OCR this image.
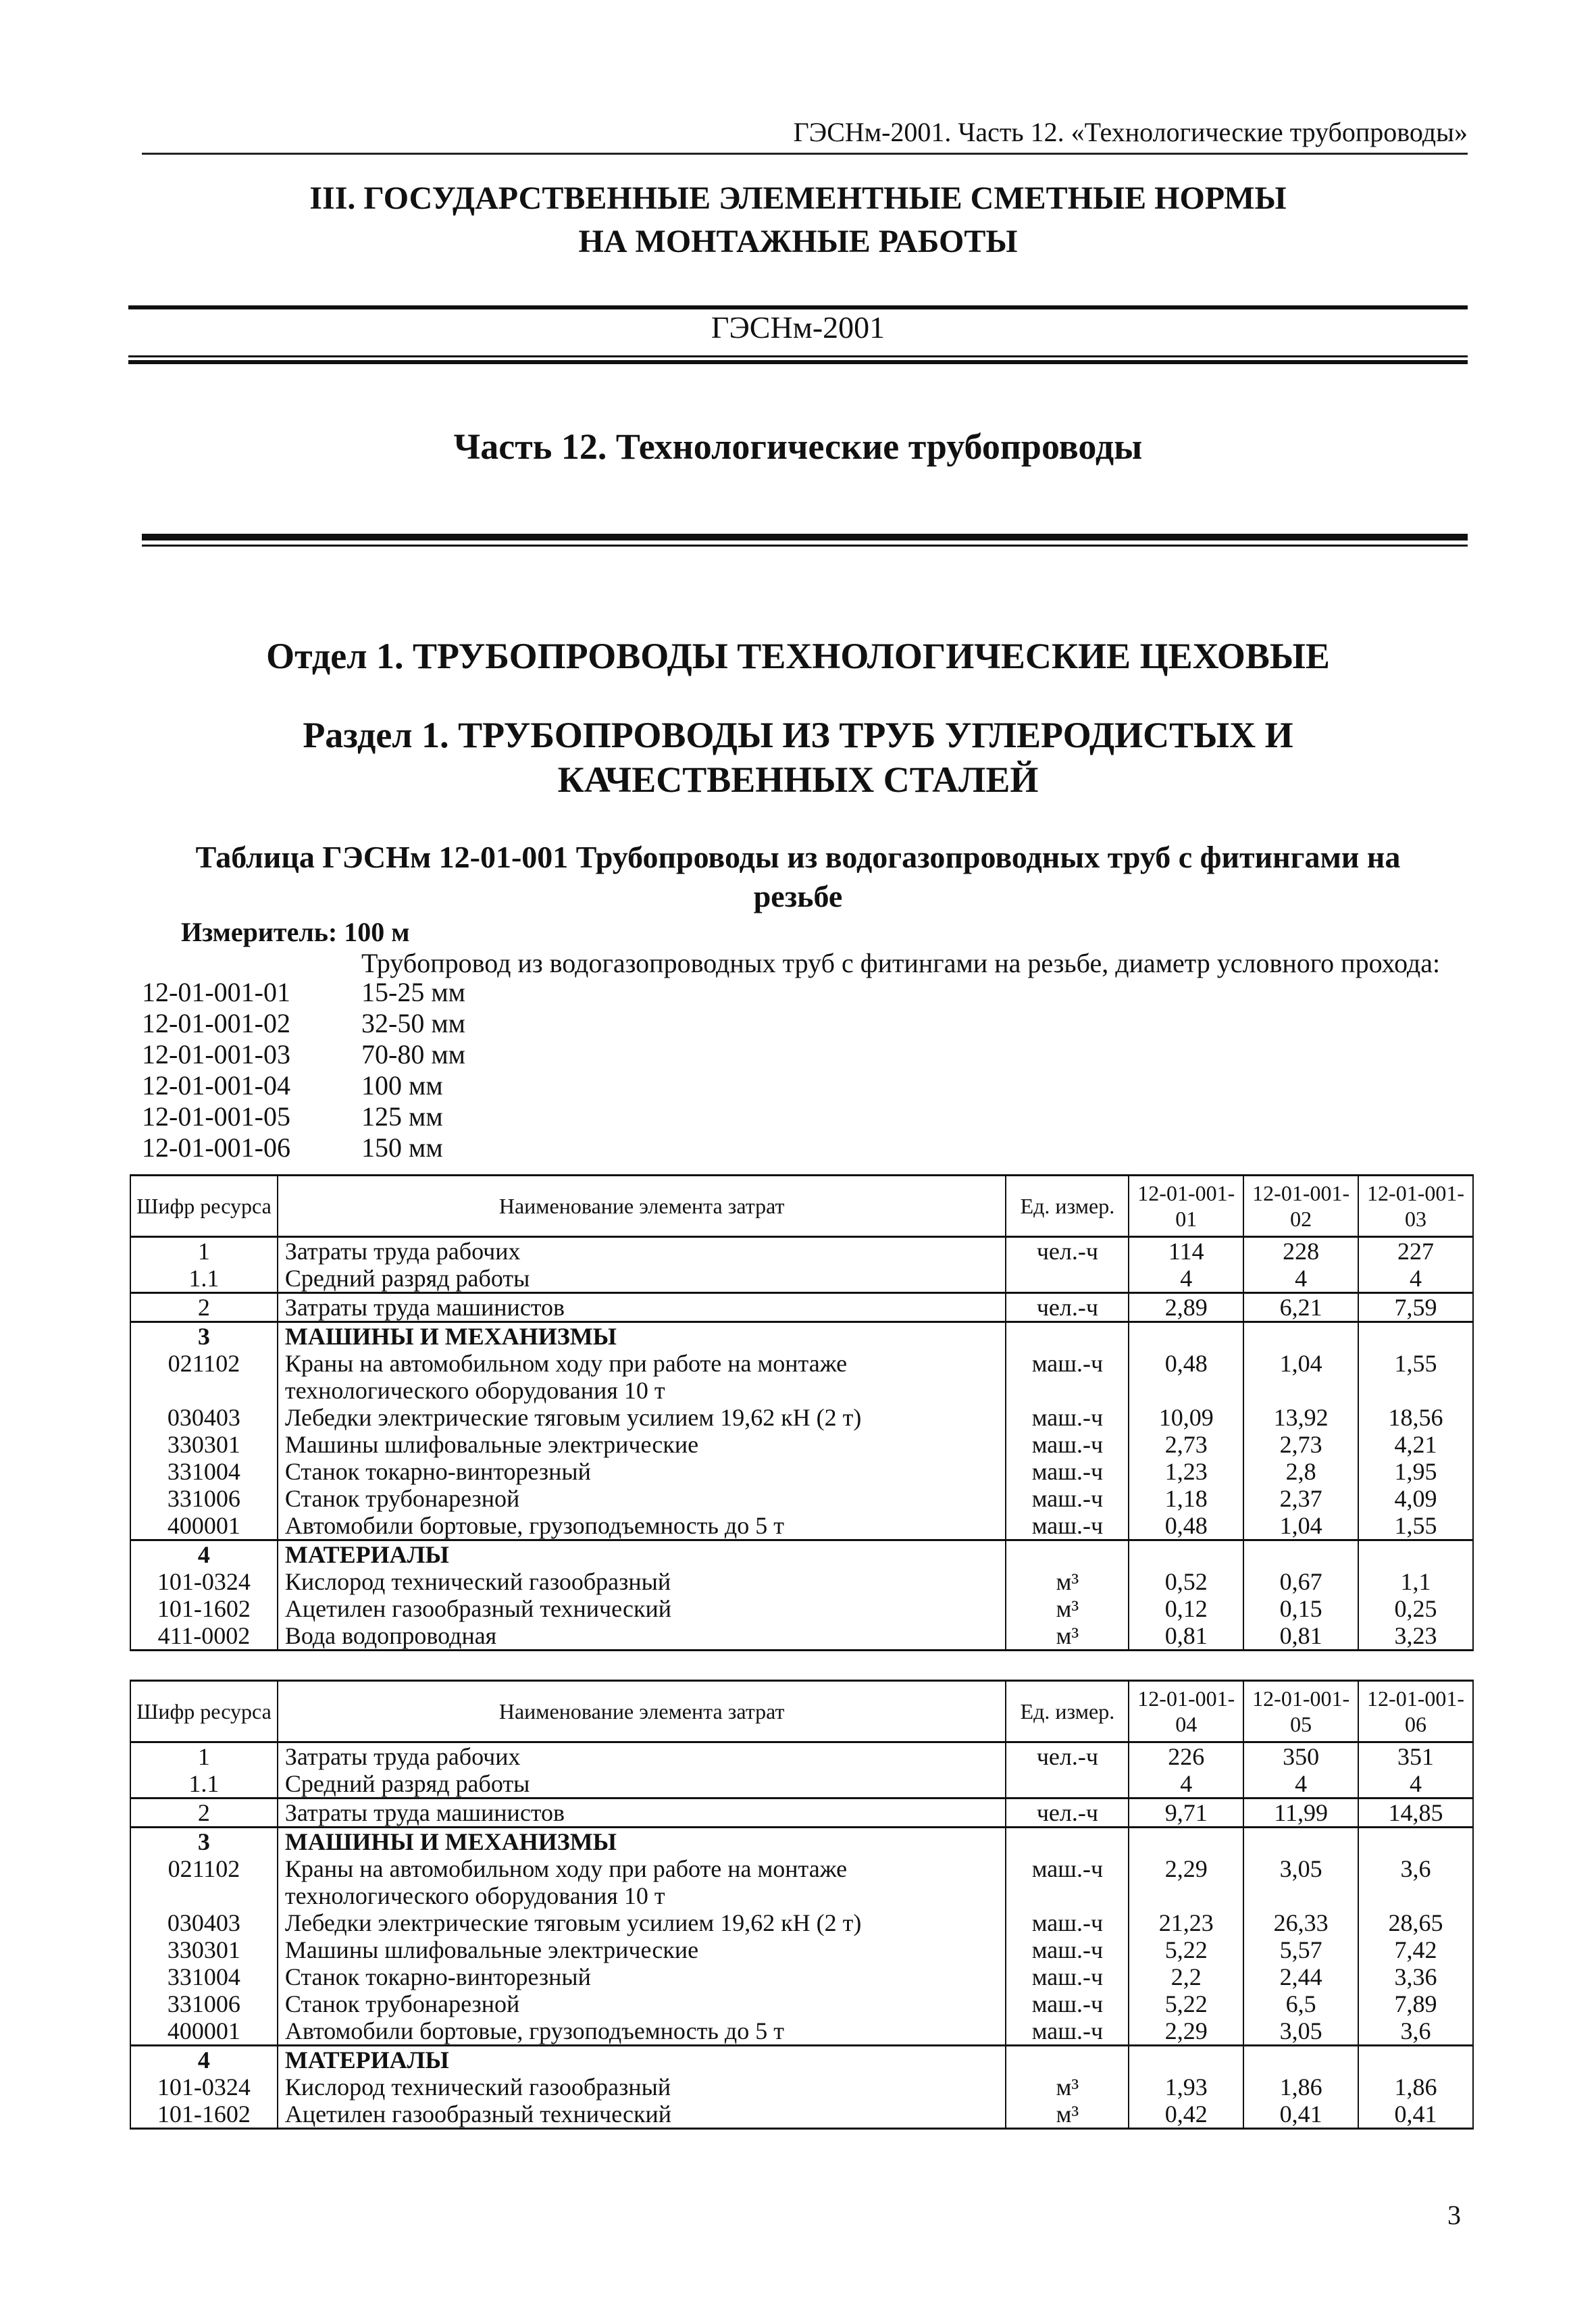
ГЭСНм-2001. Часть 12. «Технологические трубопроводы»
III. ГОСУДАРСТВЕННЫЕ ЭЛЕМЕНТНЫЕ СМЕТНЫЕ НОРМЫ
НА МОНТАЖНЫЕ РАБОТЫ
ГЭСНм-2001
Часть 12. Технологические трубопроводы
Отдел 1. ТРУБОПРОВОДЫ ТЕХНОЛОГИЧЕСКИЕ ЦЕХОВЫЕ
Раздел 1. ТРУБОПРОВОДЫ ИЗ ТРУБ УГЛЕРОДИСТЫХ И
КАЧЕСТВЕННЫХ СТАЛЕЙ
Таблица ГЭСНм 12-01-001 Трубопроводы из водогазопроводных труб с фитингами на
резьбе
Измеритель: 100 м
Трубопровод из водогазопроводных труб с фитингами на резьбе, диаметр условного прохода:
12-01-001-01	15-25 мм
12-01-001-02	32-50 мм
12-01-001-03	70-80 мм
12-01-001-04	100 мм
12-01-001-05	125 мм
12-01-001-06	150 мм
Шифр ресурса	Наименование элемента затрат	Ед. измер.	12-01-001-01	12-01-001-02	12-01-001-03
1	Затраты труда рабочих	чел.-ч	114	228	227
1.1	Средний разряд работы		4	4	4
2	Затраты труда машинистов	чел.-ч	2,89	6,21	7,59
3	МАШИНЫ И МЕХАНИЗМЫ				
021102	Краны на автомобильном ходу при работе на монтаже технологического оборудования 10 т	маш.-ч	0,48	1,04	1,55
030403	Лебедки электрические тяговым усилием 19,62 кН (2 т)	маш.-ч	10,09	13,92	18,56
330301	Машины шлифовальные электрические	маш.-ч	2,73	2,73	4,21
331004	Станок токарно-винторезный	маш.-ч	1,23	2,8	1,95
331006	Станок трубонарезной	маш.-ч	1,18	2,37	4,09
400001	Автомобили бортовые, грузоподъемность до 5 т	маш.-ч	0,48	1,04	1,55
4	МАТЕРИАЛЫ				
101-0324	Кислород технический газообразный	м³	0,52	0,67	1,1
101-1602	Ацетилен газообразный технический	м³	0,12	0,15	0,25
411-0002	Вода водопроводная	м³	0,81	0,81	3,23
Шифр ресурса	Наименование элемента затрат	Ед. измер.	12-01-001-04	12-01-001-05	12-01-001-06
1	Затраты труда рабочих	чел.-ч	226	350	351
1.1	Средний разряд работы		4	4	4
2	Затраты труда машинистов	чел.-ч	9,71	11,99	14,85
3	МАШИНЫ И МЕХАНИЗМЫ				
021102	Краны на автомобильном ходу при работе на монтаже технологического оборудования 10 т	маш.-ч	2,29	3,05	3,6
030403	Лебедки электрические тяговым усилием 19,62 кН (2 т)	маш.-ч	21,23	26,33	28,65
330301	Машины шлифовальные электрические	маш.-ч	5,22	5,57	7,42
331004	Станок токарно-винторезный	маш.-ч	2,2	2,44	3,36
331006	Станок трубонарезной	маш.-ч	5,22	6,5	7,89
400001	Автомобили бортовые, грузоподъемность до 5 т	маш.-ч	2,29	3,05	3,6
4	МАТЕРИАЛЫ				
101-0324	Кислород технический газообразный	м³	1,93	1,86	1,86
101-1602	Ацетилен газообразный технический	м³	0,42	0,41	0,41
3
